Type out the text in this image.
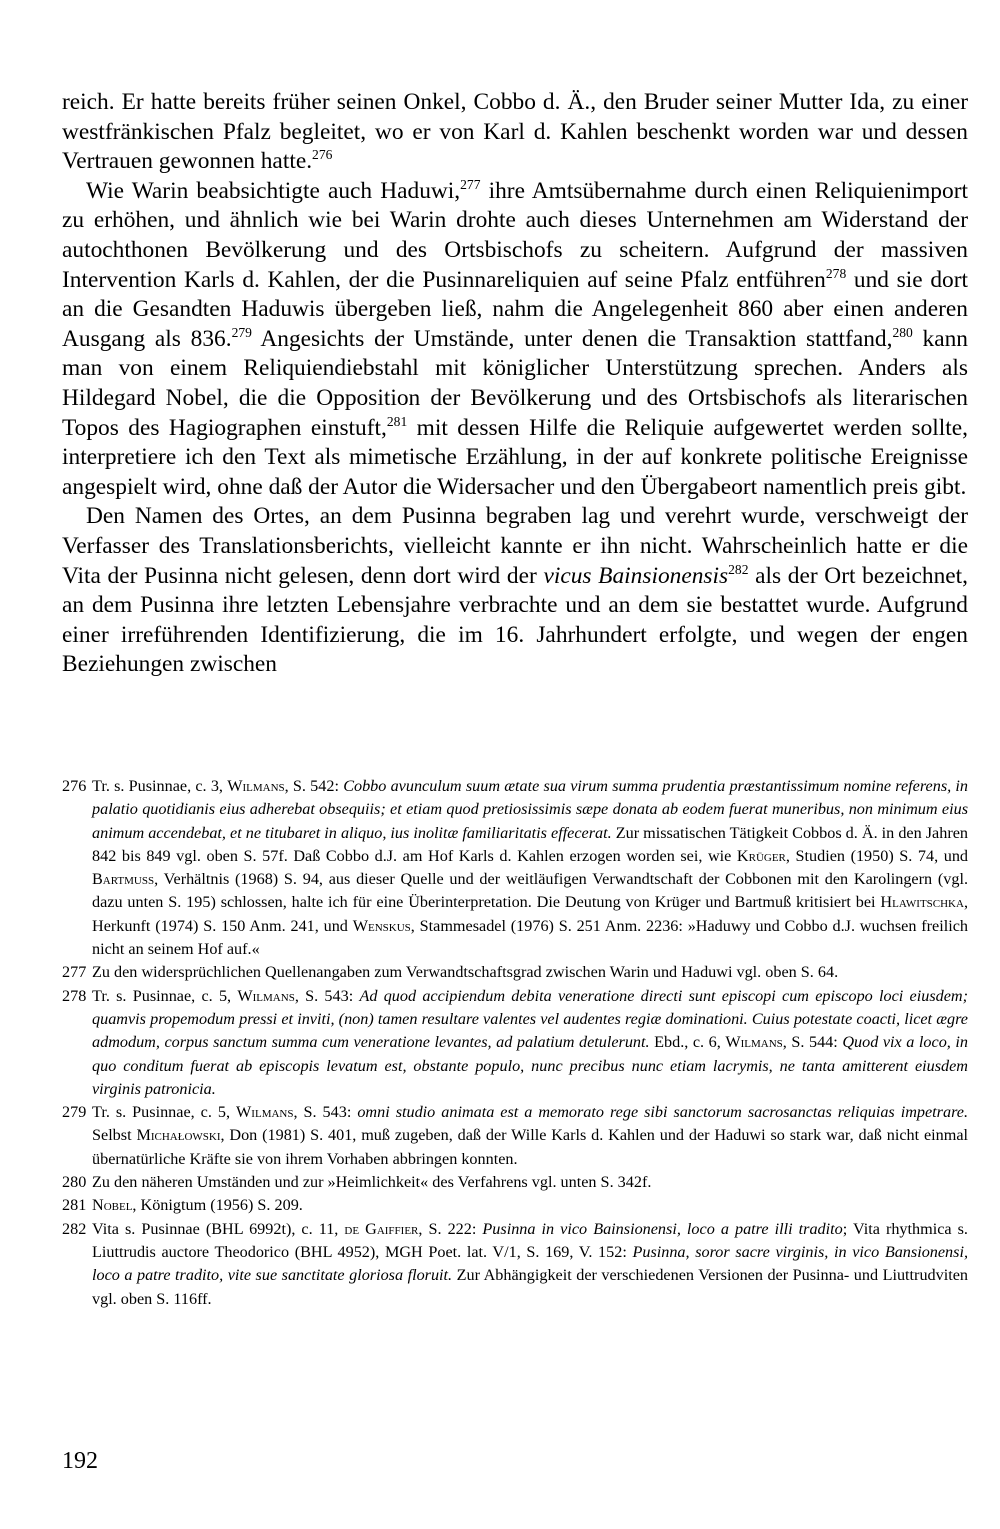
reich. Er hatte bereits früher seinen Onkel, Cobbo d. Ä., den Bruder seiner Mutter Ida, zu einer westfränkischen Pfalz begleitet, wo er von Karl d. Kahlen beschenkt worden war und dessen Vertrauen gewonnen hatte.$^{276}$

Wie Warin beabsichtigte auch Haduwi,$^{277}$ ihre Amtsübernahme durch einen Reliquienimport zu erhöhen, und ähnlich wie bei Warin drohte auch dieses Unternehmen am Widerstand der autochthonen Bevölkerung und des Ortsbischofs zu scheitern. Aufgrund der massiven Intervention Karls d. Kahlen, der die Pusinnareliquien auf seine Pfalz entführen$^{278}$ und sie dort an die Gesandten Haduwis übergeben ließ, nahm die Angelegenheit 860 aber einen anderen Ausgang als 836.$^{279}$ Angesichts der Umstände, unter denen die Transaktion stattfand,$^{280}$ kann man von einem Reliquiendiebstahl mit königlicher Unterstützung sprechen. Anders als Hildegard Nobel, die die Opposition der Bevölkerung und des Ortsbischofs als literarischen Topos des Hagiographen einstuft,$^{281}$ mit dessen Hilfe die Reliquie aufgewertet werden sollte, interpretiere ich den Text als mimetische Erzählung, in der auf konkrete politische Ereignisse angespielt wird, ohne daß der Autor die Widersacher und den Übergabeort namentlich preis gibt.

Den Namen des Ortes, an dem Pusinna begraben lag und verehrt wurde, verschweigt der Verfasser des Translationsberichts, vielleicht kannte er ihn nicht. Wahrscheinlich hatte er die Vita der Pusinna nicht gelesen, denn dort wird der vicus Bainsionensis$^{282}$ als der Ort bezeichnet, an dem Pusinna ihre letzten Lebensjahre verbrachte und an dem sie bestattet wurde. Aufgrund einer irreführenden Identifizierung, die im 16. Jahrhundert erfolgte, und wegen der engen Beziehungen zwischen

276 Tr. s. Pusinnae, c. 3, Wilmans, S. 542: Cobbo avunculum suum ætate sua virum summa prudentia præstantissimum nomine referens, in palatio quotidianis eius adherebat obsequiis; et etiam quod pretiosissimis sæpe donata ab eodem fuerat muneribus, non minimum eius animum accendebat, et ne titubaret in aliquo, ius inolitæ familiaritatis effecerat. Zur missatischen Tätigkeit Cobbos d. Ä. in den Jahren 842 bis 849 vgl. oben S. 57f. Daß Cobbo d.J. am Hof Karls d. Kahlen erzogen worden sei, wie Krüger, Studien (1950) S. 74, und Bartmuss, Verhältnis (1968) S. 94, aus dieser Quelle und der weitläufigen Verwandtschaft der Cobbonen mit den Karolingern (vgl. dazu unten S. 195) schlossen, halte ich für eine Überinterpretation. Die Deutung von Krüger und Bartmuß kritisiert bei Hlawitschka, Herkunft (1974) S. 150 Anm. 241, und Wenskus, Stammesadel (1976) S. 251 Anm. 2236: »Haduwy und Cobbo d.J. wuchsen freilich nicht an seinem Hof auf.«
277 Zu den widersprüchlichen Quellenangaben zum Verwandtschaftsgrad zwischen Warin und Haduwi vgl. oben S. 64.
278 Tr. s. Pusinnae, c. 5, Wilmans, S. 543: Ad quod accipiendum debita veneratione directi sunt episcopi cum episcopo loci eiusdem; quamvis propemodum pressi et inviti, (non) tamen resultare valentes vel audentes regiæ dominationi. Cuius potestate coacti, licet ægre admodum, corpus sanctum summa cum veneratione levantes, ad palatium detulerunt. Ebd., c. 6, Wilmans, S. 544: Quod vix a loco, in quo conditum fuerat ab episcopis levatum est, obstante populo, nunc precibus nunc etiam lacrymis, ne tanta amitterent eiusdem virginis patronicia.
279 Tr. s. Pusinnae, c. 5, Wilmans, S. 543: omni studio animata est a memorato rege sibi sanctorum sacrosanctas reliquias impetrare. Selbst Michałowski, Don (1981) S. 401, muß zugeben, daß der Wille Karls d. Kahlen und der Haduwi so stark war, daß nicht einmal übernatürliche Kräfte sie von ihrem Vorhaben abbringen konnten.
280 Zu den näheren Umständen und zur »Heimlichkeit« des Verfahrens vgl. unten S. 342f.
281 Nobel, Königtum (1956) S. 209.
282 Vita s. Pusinnae (BHL 6992t), c. 11, de Gaiffier, S. 222: Pusinna in vico Bainsionensi, loco a patre illi tradito; Vita rhythmica s. Liuttrudis auctore Theodorico (BHL 4952), MGH Poet. lat. V/1, S. 169, V. 152: Pusinna, soror sacre virginis, in vico Bansionensi, loco a patre tradito, vite sue sanctitate gloriosa floruit. Zur Abhängigkeit der verschiedenen Versionen der Pusinna- und Liuttrudviten vgl. oben S. 116ff.
192
